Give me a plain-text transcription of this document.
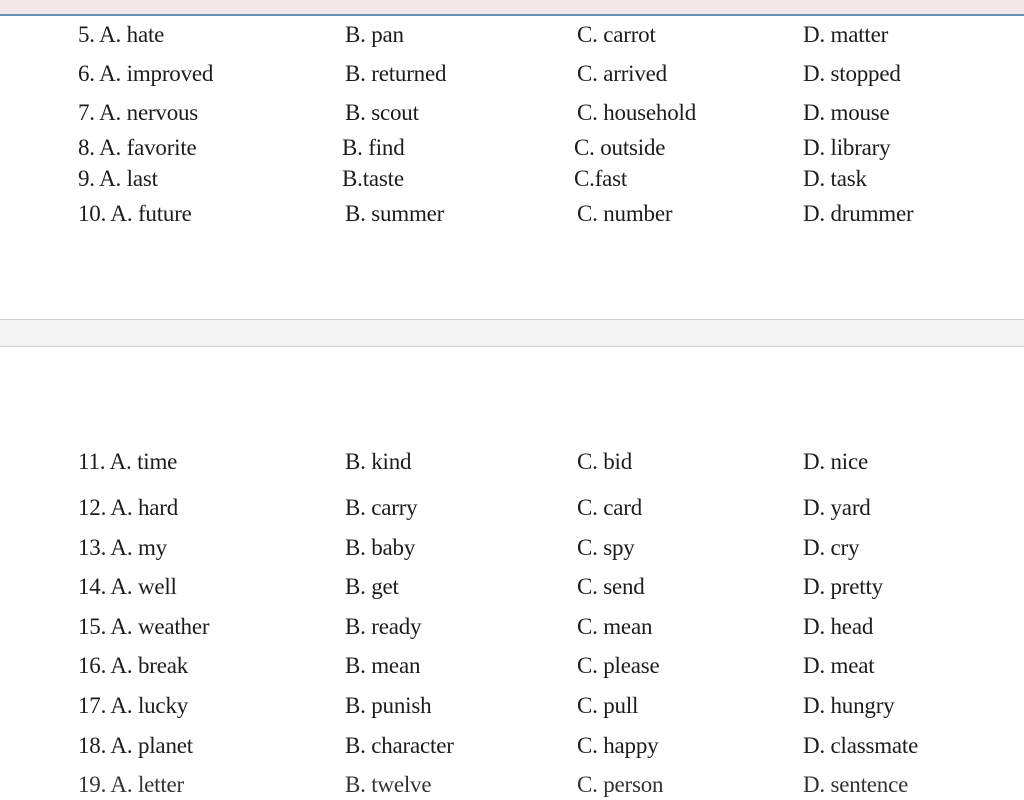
5. A. hate	B. pan	C. carrot	D. matter
6. A. improved	B. returned	C. arrived	D. stopped
7. A. nervous	B. scout	C. household	D. mouse
8. A. favorite	B. find	C. outside	D. library
9. A. last	B.taste	C.fast	D. task
10. A. future	B. summer	C. number	D. drummer
11. A. time	B. kind	C. bid	D. nice
12. A. hard	B. carry	C. card	D. yard
13. A. my	B. baby	C. spy	D. cry
14. A. well	B. get	C. send	D. pretty
15. A. weather	B. ready	C. mean	D. head
16. A. break	B. mean	C. please	D. meat
17. A. lucky	B. punish	C. pull	D. hungry
18. A. planet	B. character	C. happy	D. classmate
19. A. letter	B. twelve	C. person	D. sentence
